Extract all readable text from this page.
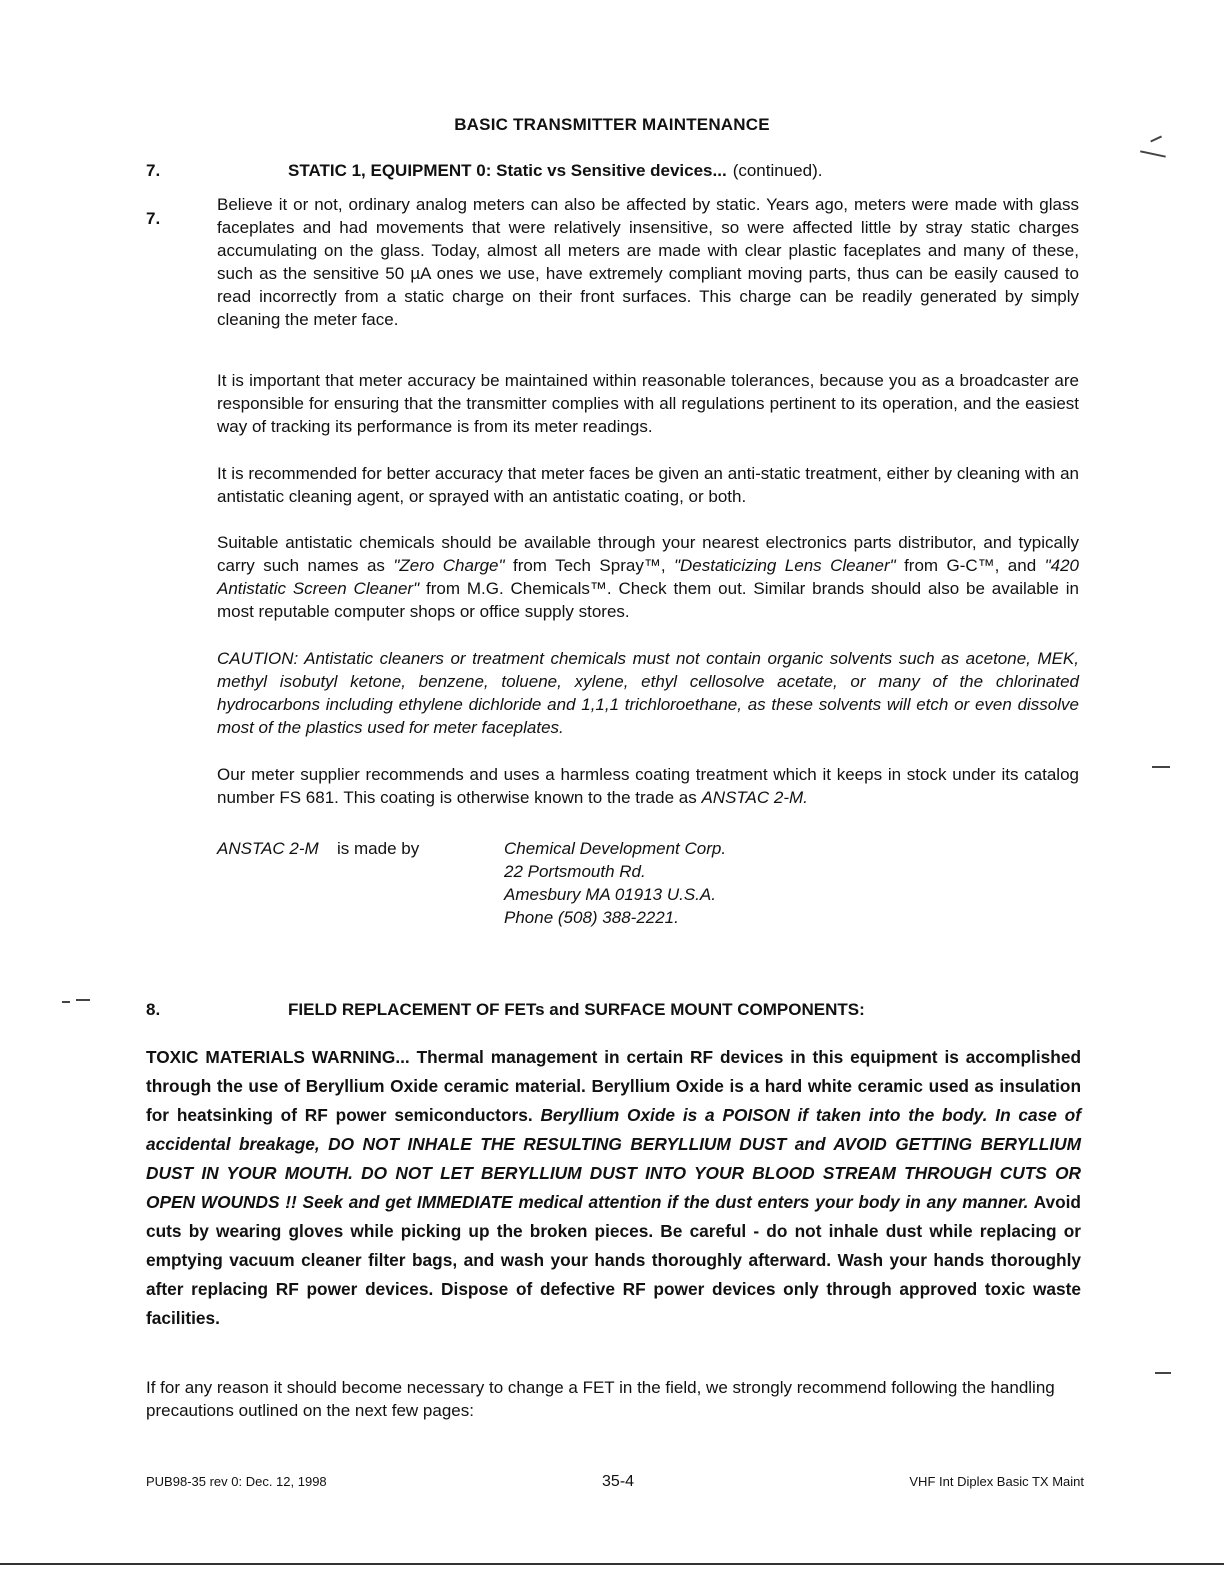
BASIC TRANSMITTER MAINTENANCE
7.	STATIC 1, EQUIPMENT 0: Static vs Sensitive devices... (continued).
7.

Believe it or not, ordinary analog meters can also be affected by static. Years ago, meters were made with glass faceplates and had movements that were relatively insensitive, so were affected little by stray static charges accumulating on the glass. Today, almost all meters are made with clear plastic faceplates and many of these, such as the sensitive 50 µA ones we use, have extremely compliant moving parts, thus can be easily caused to read incorrectly from a static charge on their front surfaces. This charge can be readily generated by simply cleaning the meter face.

It is important that meter accuracy be maintained within reasonable tolerances, because you as a broadcaster are responsible for ensuring that the transmitter complies with all regulations pertinent to its operation, and the easiest way of tracking its performance is from its meter readings.

It is recommended for better accuracy that meter faces be given an anti-static treatment, either by cleaning with an antistatic cleaning agent, or sprayed with an antistatic coating, or both.

Suitable antistatic chemicals should be available through your nearest electronics parts distributor, and typically carry such names as "Zero Charge" from Tech Spray™, "Destaticizing Lens Cleaner" from G-C™, and "420 Antistatic Screen Cleaner" from M.G. Chemicals™. Check them out. Similar brands should also be available in most reputable computer shops or office supply stores.

CAUTION: Antistatic cleaners or treatment chemicals must not contain organic solvents such as acetone, MEK, methyl isobutyl ketone, benzene, toluene, xylene, ethyl cellosolve acetate, or many of the chlorinated hydrocarbons including ethylene dichloride and 1,1,1 trichloroethane, as these solvents will etch or even dissolve most of the plastics used for meter faceplates.

Our meter supplier recommends and uses a harmless coating treatment which it keeps in stock under its catalog number FS 681. This coating is otherwise known to the trade as ANSTAC 2-M.

ANSTAC 2-M	is made by	Chemical Development Corp.
22 Portsmouth Rd.
Amesbury MA 01913 U.S.A.
Phone (508) 388-2221.
8.	FIELD REPLACEMENT OF FETs and SURFACE MOUNT COMPONENTS:

TOXIC MATERIALS WARNING... Thermal management in certain RF devices in this equipment is accomplished through the use of Beryllium Oxide ceramic material. Beryllium Oxide is a hard white ceramic used as insulation for heatsinking of RF power semiconductors. Beryllium Oxide is a POISON if taken into the body. In case of accidental breakage, DO NOT INHALE THE RESULTING BERYLLIUM DUST and AVOID GETTING BERYLLIUM DUST IN YOUR MOUTH. DO NOT LET BERYLLIUM DUST INTO YOUR BLOOD STREAM THROUGH CUTS OR OPEN WOUNDS !! Seek and get IMMEDIATE medical attention if the dust enters your body in any manner. Avoid cuts by wearing gloves while picking up the broken pieces. Be careful - do not inhale dust while replacing or emptying vacuum cleaner filter bags, and wash your hands thoroughly afterward. Wash your hands thoroughly after replacing RF power devices. Dispose of defective RF power devices only through approved toxic waste facilities.

If for any reason it should become necessary to change a FET in the field, we strongly recommend following the handling precautions outlined on the next few pages:

PUB98-35 rev 0: Dec. 12, 1998	35-4	VHF Int Diplex Basic TX Maint
